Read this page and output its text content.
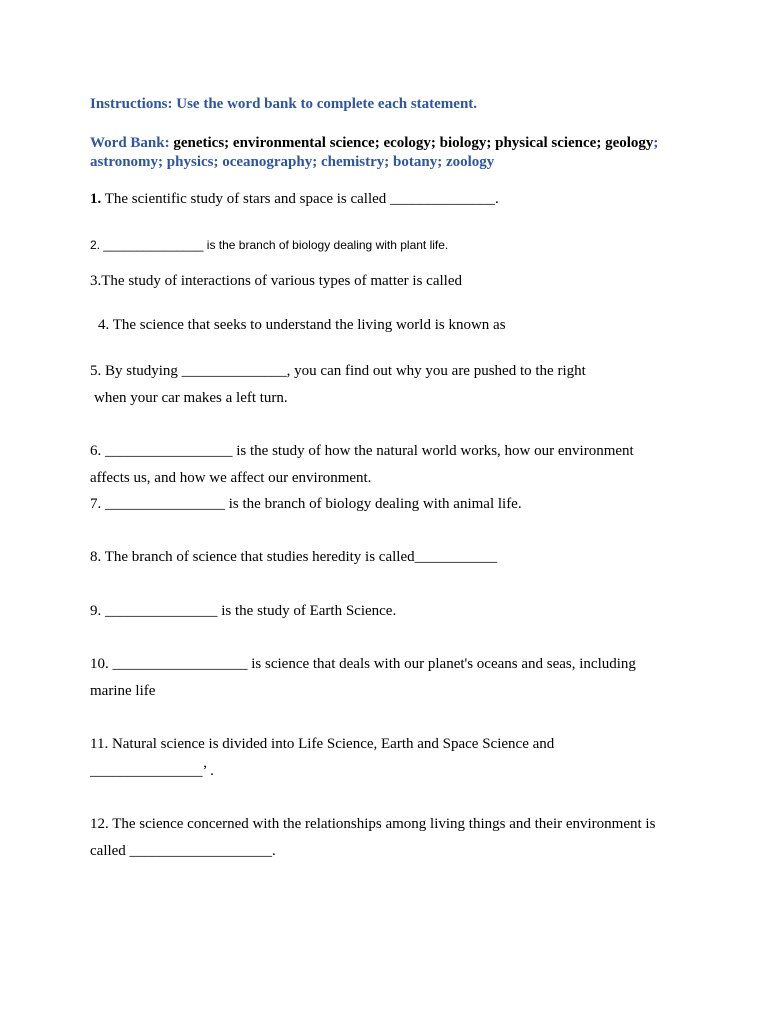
Instructions: Use the word bank to complete each statement.
Word Bank: genetics; environmental science; ecology; biology; physical science; geology;
astronomy; physics; oceanography; chemistry; botany; zoology
1. The scientific study of stars and space is called ______________.
2. _______________ is the branch of biology dealing with plant life.
3.The study of interactions of various types of matter is called
4. The science that seeks to understand the living world is known as
5. By studying ______________, you can find out why you are pushed to the right
when your car makes a left turn.
6. _________________ is the study of how the natural world works, how our environment
affects us, and how we affect our environment.
7. ________________ is the branch of biology dealing with animal life.
8. The branch of science that studies heredity is called___________
9. _______________ is the study of Earth Science.
10. __________________ is science that deals with our planet's oceans and seas, including
marine life
11. Natural science is divided into Life Science, Earth and Space Science and
_______________’ .
12. The science concerned with the relationships among living things and their environment is
called ___________________.
